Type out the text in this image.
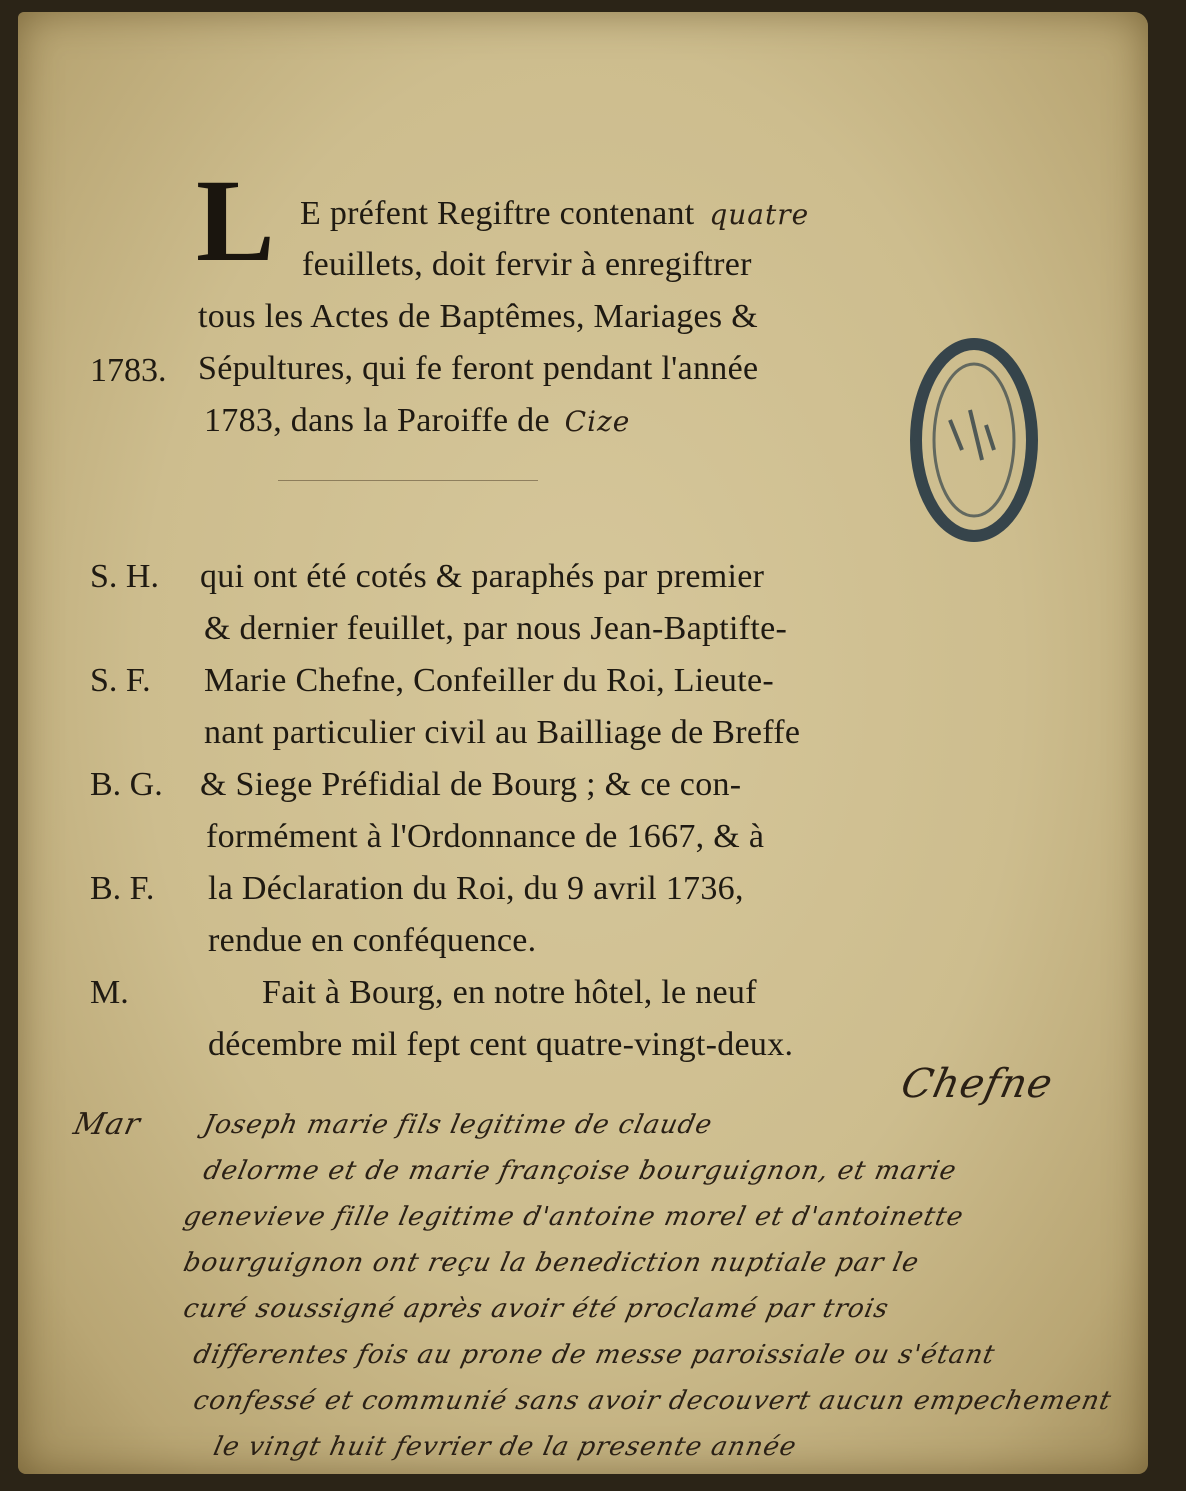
L E préfent Regiftre contenant quatre
feuillets, doit fervir à enregiftrer
tous les Actes de Baptêmes, Mariages &
1783. Sépultures, qui fe feront pendant l'année
1783, dans la Paroiffe de Cize
S. H. qui ont été cotés & paraphés par premier
& dernier feuillet, par nous Jean-Baptifte-
S. F. Marie Chefne, Confeiller du Roi, Lieute-
nant particulier civil au Bailliage de Breffe
B. G. & Siege Préfidial de Bourg ; & ce con-
formément à l'Ordonnance de 1667, & à
B. F. la Déclaration du Roi, du 9 avril 1736,
rendue en conféquence.
M.	Fait à Bourg, en notre hôtel, le neuf
décembre mil fept cent quatre-vingt-deux.
Chefne
Mar Joseph marie fils legitime de claude
delorme et de marie françoise bourguignon, et marie
genevieve fille legitime d'antoine morel et d'antoinette
bourguignon ont reçu la benediction nuptiale par le
curé soussigné après avoir été proclamé par trois
differentes fois au prone de messe paroissiale ou s'étant
confessé et communié sans avoir decouvert aucun empechement
le vingt huit fevrier de la presente année
